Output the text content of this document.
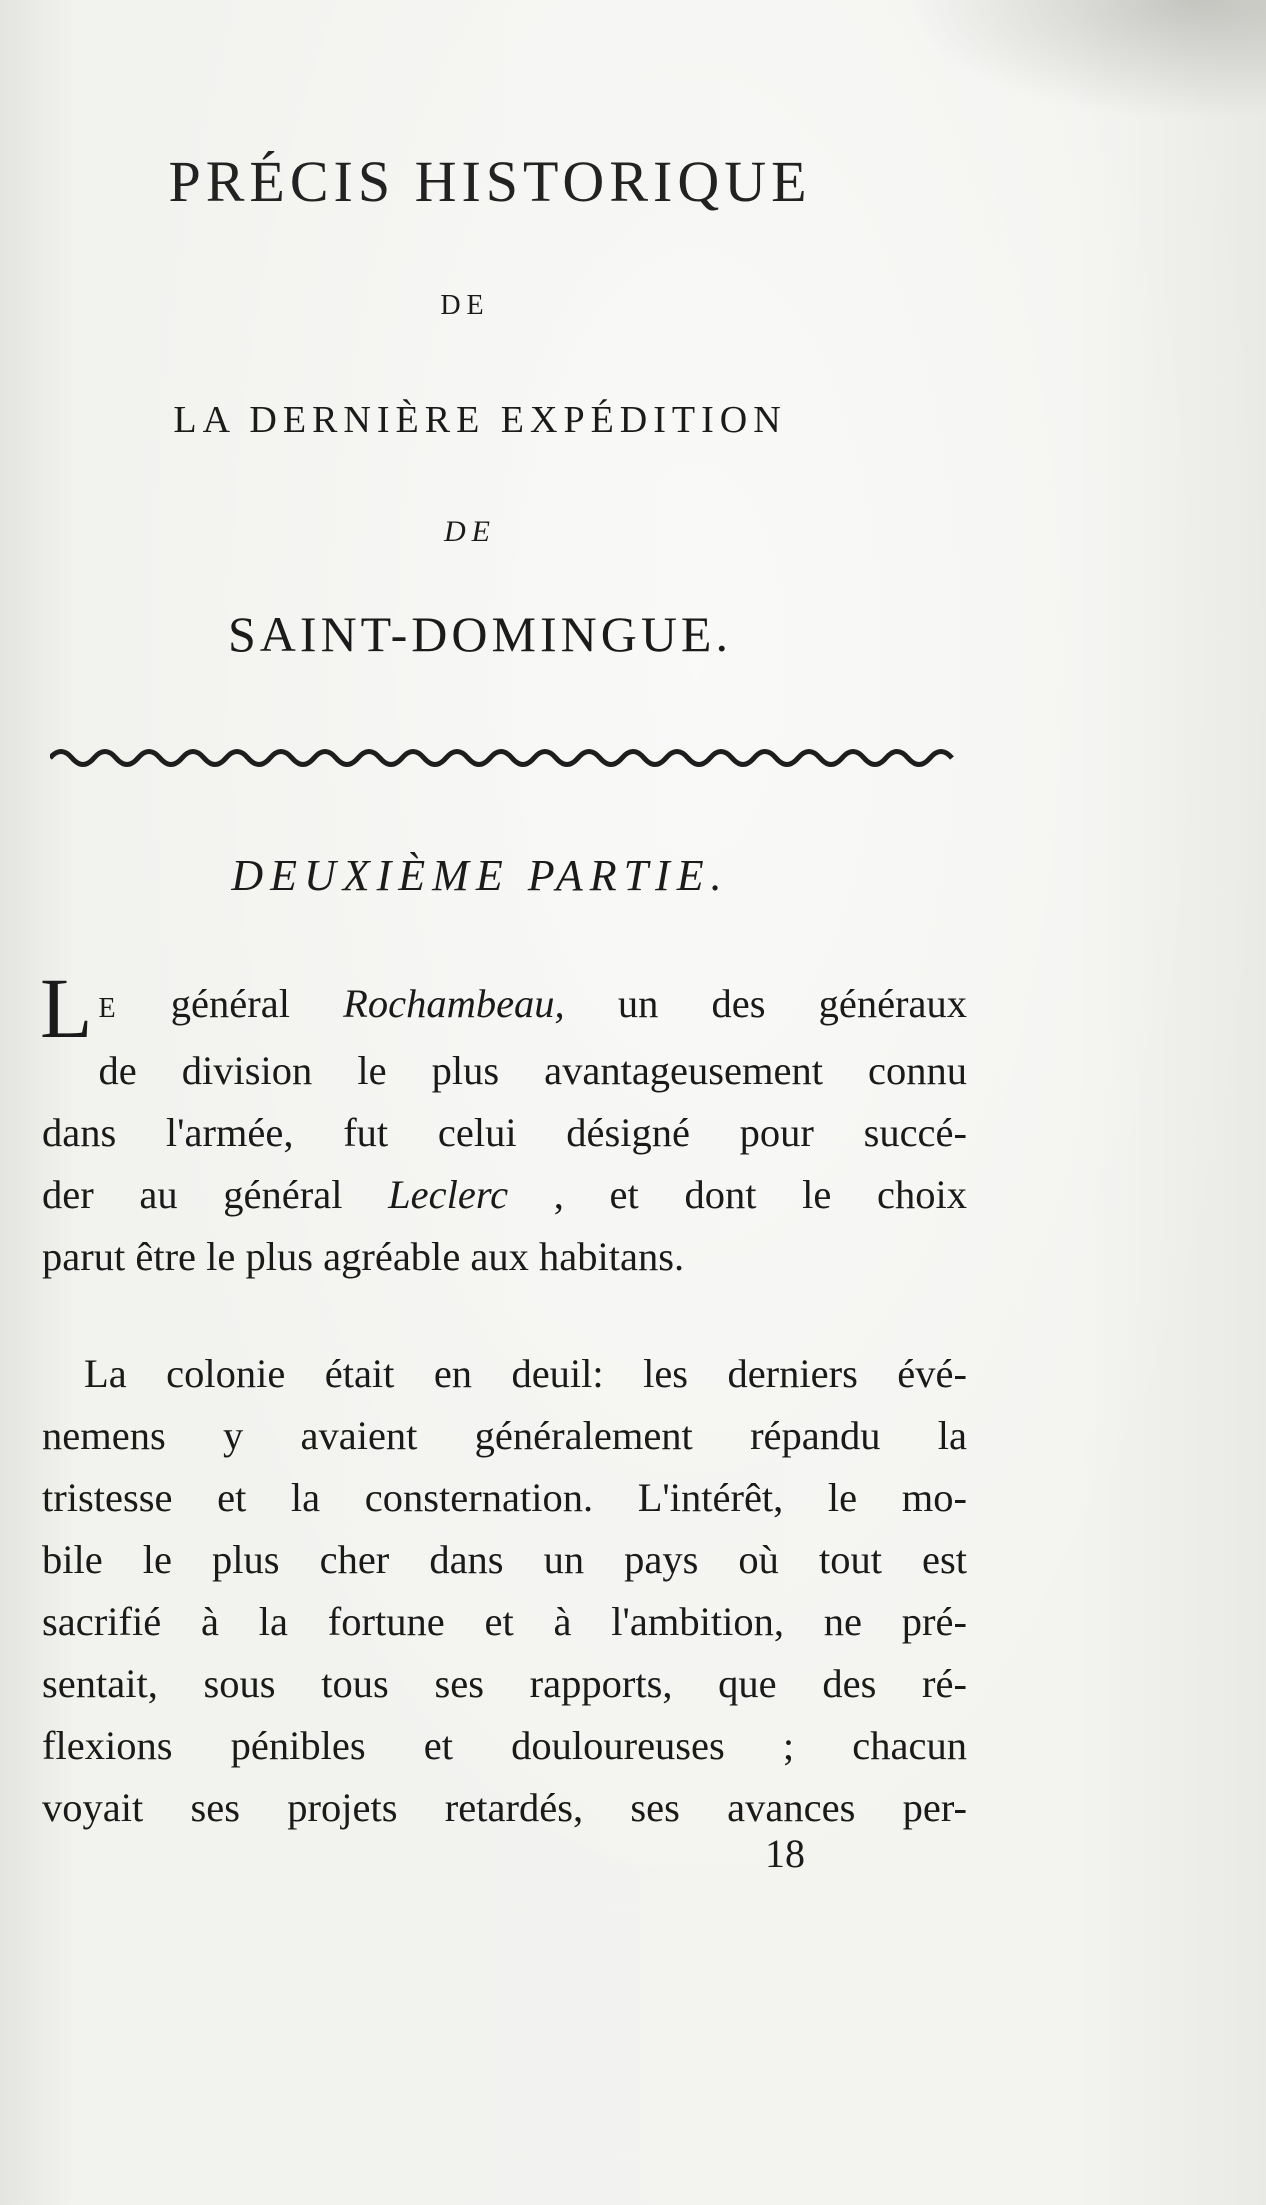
PRÉCIS HISTORIQUE
DE
LA DERNIÈRE EXPÉDITION
DE
SAINT-DOMINGUE.
DEUXIÈME PARTIE.
L E général Rochambeau, un des généraux
de division le plus avantageusement connu
dans l'armée, fut celui désigné pour succé-
der au général Leclerc , et dont le choix
parut être le plus agréable aux habitans.
La colonie était en deuil: les derniers évé-
nemens y avaient généralement répandu la
tristesse et la consternation. L'intérêt, le mo-
bile le plus cher dans un pays où tout est
sacrifié à la fortune et à l'ambition, ne pré-
sentait, sous tous ses rapports, que des ré-
flexions pénibles et douloureuses ; chacun
voyait ses projets retardés, ses avances per-
18
